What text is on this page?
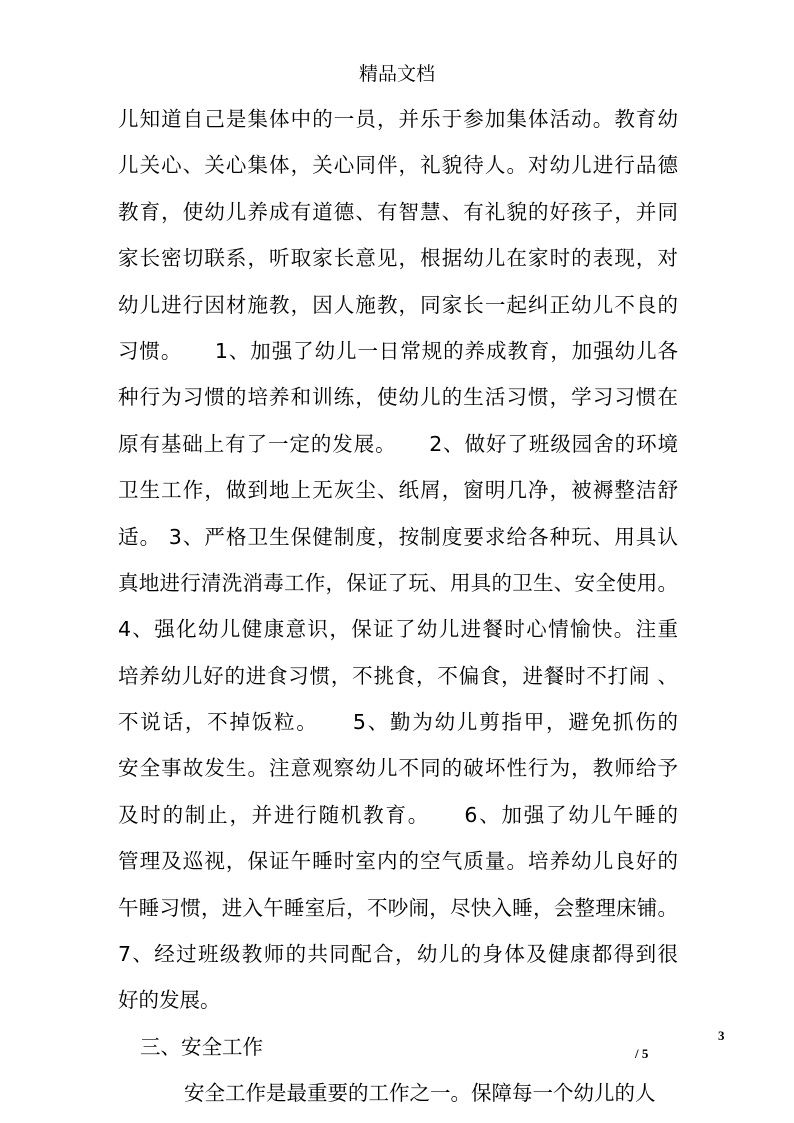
精品文档
儿知道自己是集体中的一员，并乐于参加集体活动。教育幼
儿关心、关心集体，关心同伴，礼貌待人。对幼儿进行品德
教育，使幼儿养成有道德、有智慧、有礼貌的好孩子，并同
家长密切联系，听取家长意见，根据幼儿在家时的表现，对
幼儿进行因材施教，因人施教，同家长一起纠正幼儿不良的
习惯。　　1、加强了幼儿一日常规的养成教育，加强幼儿各
种行为习惯的培养和训练，使幼儿的生活习惯，学习习惯在
原有基础上有了一定的发展。　　2、做好了班级园舍的环境
卫生工作，做到地上无灰尘、纸屑，窗明几净，被褥整洁舒
适。 3、严格卫生保健制度，按制度要求给各种玩、用具认
真地进行清洗消毒工作，保证了玩、用具的卫生、安全使用。
4、强化幼儿健康意识，保证了幼儿进餐时心情愉快。注重
培养幼儿好的进食习惯，不挑食，不偏食，进餐时不打闹 、
不说话，不掉饭粒。　　5、勤为幼儿剪指甲，避免抓伤的
安全事故发生。注意观察幼儿不同的破坏性行为，教师给予
及时的制止，并进行随机教育。　　6、加强了幼儿午睡的
管理及巡视，保证午睡时室内的空气质量。培养幼儿良好的
午睡习惯，进入午睡室后，不吵闹，尽快入睡，会整理床铺。
7、经过班级教师的共同配合，幼儿的身体及健康都得到很
好的发展。
三、安全工作
安全工作是最重要的工作之一。保障每一个幼儿的人
3
/ 5
